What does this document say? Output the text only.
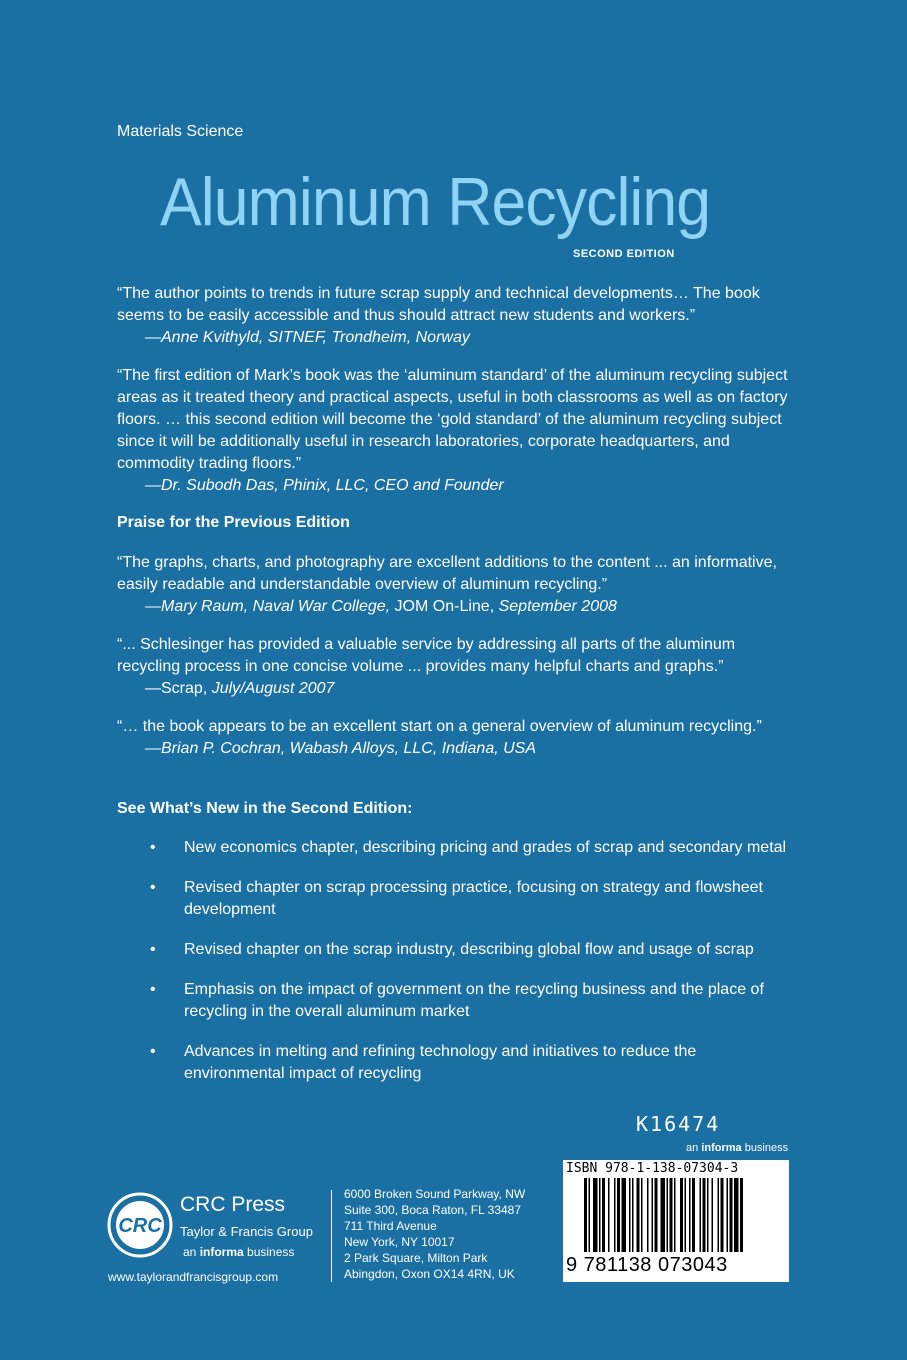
Materials Science
Aluminum Recycling
SECOND EDITION
“The author points to trends in future scrap supply and technical developments… The book seems to be easily accessible and thus should attract new students and workers.”
—Anne Kvithyld, SITNEF, Trondheim, Norway
“The first edition of Mark’s book was the ‘aluminum standard’ of the aluminum recycling subject areas as it treated theory and practical aspects, useful in both classrooms as well as on factory floors. … this second edition will become the ‘gold standard’ of the aluminum recycling subject since it will be additionally useful in research laboratories, corporate headquarters, and commodity trading floors.”
—Dr. Subodh Das, Phinix, LLC, CEO and Founder
Praise for the Previous Edition
“The graphs, charts, and photography are excellent additions to the content ... an informative, easily readable and understandable overview of aluminum recycling.”
—Mary Raum, Naval War College, JOM On-Line, September 2008
“... Schlesinger has provided a valuable service by addressing all parts of the aluminum recycling process in one concise volume ... provides many helpful charts and graphs.”
—Scrap, July/August 2007
“… the book appears to be an excellent start on a general overview of aluminum recycling.”
—Brian P. Cochran, Wabash Alloys, LLC, Indiana, USA
See What’s New in the Second Edition:
• New economics chapter, describing pricing and grades of scrap and secondary metal
• Revised chapter on scrap processing practice, focusing on strategy and flowsheet development
• Revised chapter on the scrap industry, describing global flow and usage of scrap
• Emphasis on the impact of government on the recycling business and the place of recycling in the overall aluminum market
• Advances in melting and refining technology and initiatives to reduce the environmental impact of recycling
K16474
an informa business
ISBN 978-1-138-07304-3
9 781138 073043
CRC
CRC Press
Taylor & Francis Group
an informa business
www.taylorandfrancisgroup.com
6000 Broken Sound Parkway, NW
Suite 300, Boca Raton, FL 33487
711 Third Avenue
New York, NY 10017
2 Park Square, Milton Park
Abingdon, Oxon OX14 4RN, UK
